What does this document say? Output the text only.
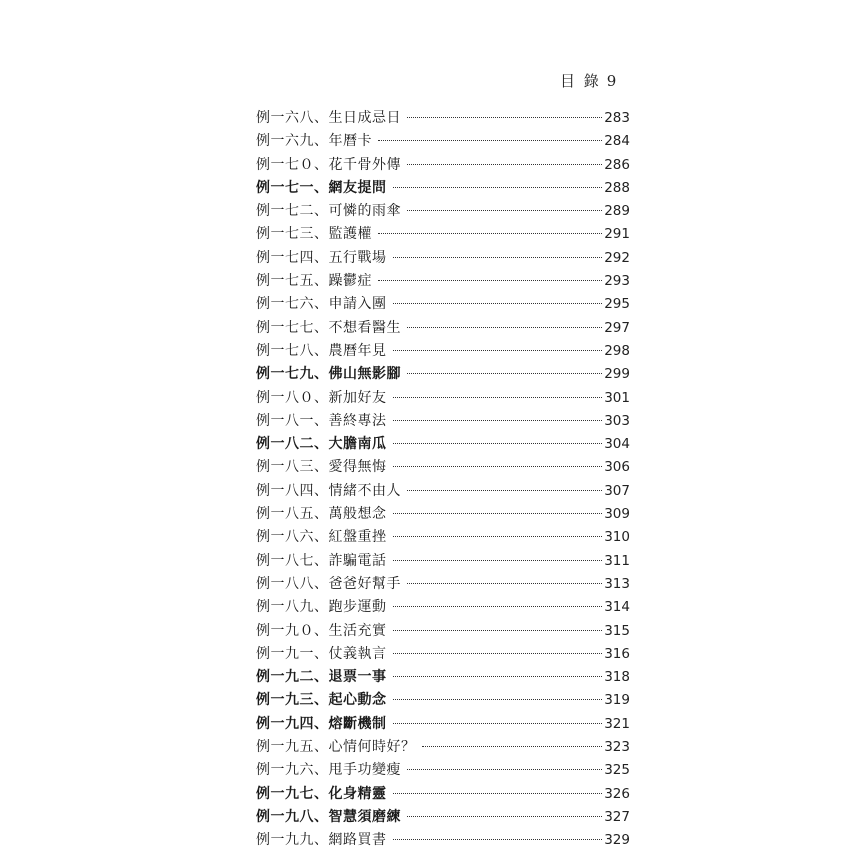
目 錄 9
例一六八、生日成忌日	283
例一六九、年曆卡	284
例一七０、花千骨外傳	286
例一七一、網友提問	288
例一七二、可憐的雨傘	289
例一七三、監護權	291
例一七四、五行戰場	292
例一七五、躁鬱症	293
例一七六、申請入團	295
例一七七、不想看醫生	297
例一七八、農曆年見	298
例一七九、佛山無影腳	299
例一八０、新加好友	301
例一八一、善終專法	303
例一八二、大膽南瓜	304
例一八三、愛得無悔	306
例一八四、情緒不由人	307
例一八五、萬般想念	309
例一八六、紅盤重挫	310
例一八七、詐騙電話	311
例一八八、爸爸好幫手	313
例一八九、跑步運動	314
例一九０、生活充實	315
例一九一、仗義執言	316
例一九二、退票一事	318
例一九三、起心動念	319
例一九四、熔斷機制	321
例一九五、心情何時好？	323
例一九六、甩手功變瘦	325
例一九七、化身精靈	326
例一九八、智慧須磨練	327
例一九九、網路買書	329
